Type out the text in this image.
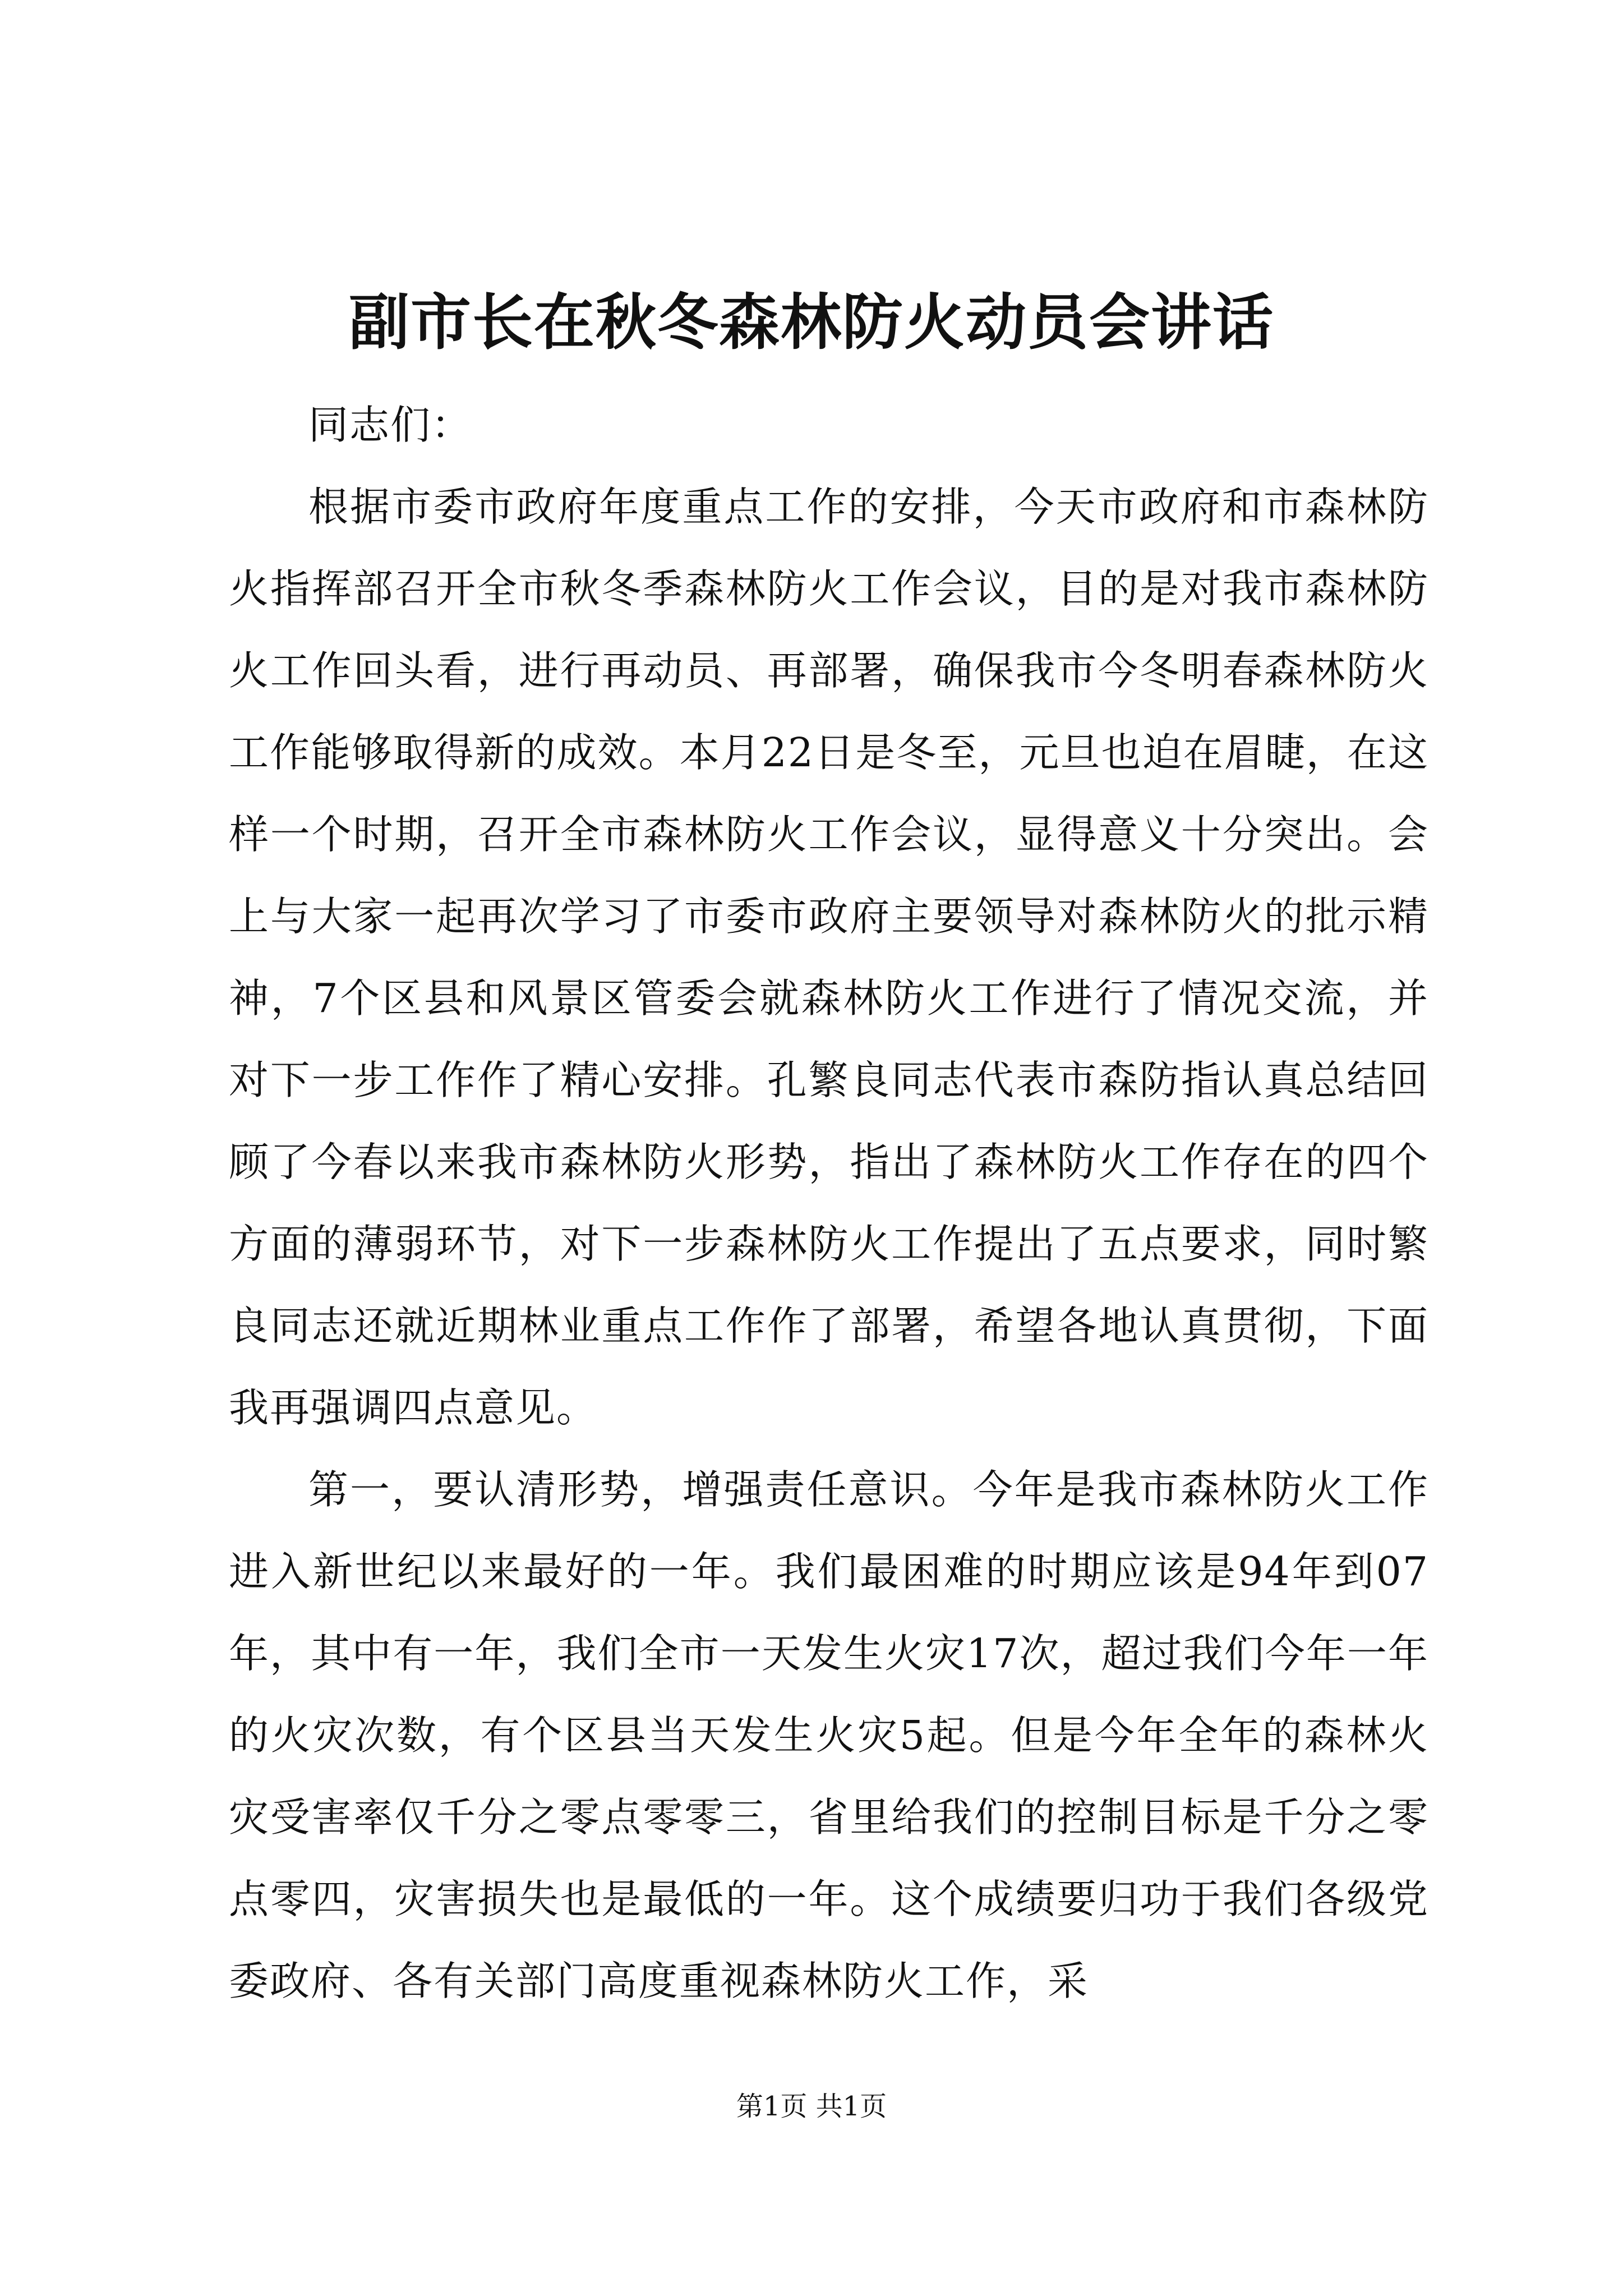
副市长在秋冬森林防火动员会讲话

同志们：

根据市委市政府年度重点工作的安排，今天市政府和市森林防火指挥部召开全市秋冬季森林防火工作会议，目的是对我市森林防火工作回头看，进行再动员、再部署，确保我市今冬明春森林防火工作能够取得新的成效。本月22日是冬至，元旦也迫在眉睫，在这样一个时期，召开全市森林防火工作会议，显得意义十分突出。会上与大家一起再次学习了市委市政府主要领导对森林防火的批示精神，7个区县和风景区管委会就森林防火工作进行了情况交流，并对下一步工作作了精心安排。孔繁良同志代表市森防指认真总结回顾了今春以来我市森林防火形势，指出了森林防火工作存在的四个方面的薄弱环节，对下一步森林防火工作提出了五点要求，同时繁良同志还就近期林业重点工作作了部署，希望各地认真贯彻，下面我再强调四点意见。

第一，要认清形势，增强责任意识。今年是我市森林防火工作进入新世纪以来最好的一年。我们最困难的时期应该是94年到07年，其中有一年，我们全市一天发生火灾17次，超过我们今年一年的火灾次数，有个区县当天发生火灾5起。但是今年全年的森林火灾受害率仅千分之零点零零三，省里给我们的控制目标是千分之零点零四，灾害损失也是最低的一年。这个成绩要归功于我们各级党委政府、各有关部门高度重视森林防火工作，采

第1页 共1页
